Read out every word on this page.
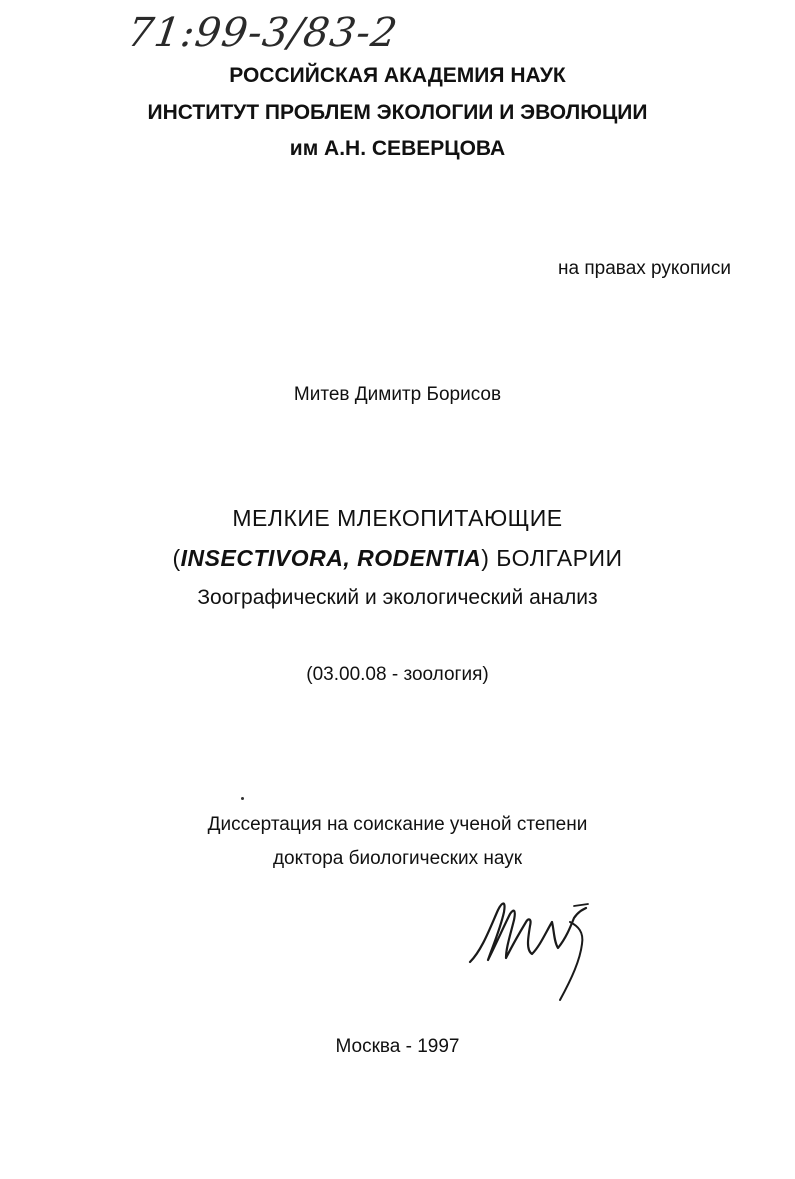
71:99-3/83-2
РОССИЙСКАЯ АКАДЕМИЯ НАУК
ИНСТИТУТ ПРОБЛЕМ ЭКОЛОГИИ И ЭВОЛЮЦИИ
им А.Н. СЕВЕРЦОВА
на правах рукописи
Митев Димитр Борисов
МЕЛКИЕ МЛЕКОПИТАЮЩИЕ
(INSECTIVORA, RODENTIA) БОЛГАРИИ
Зоографический и экологический анализ
(03.00.08 - зоология)
Диссертация на соискание ученой степени
доктора биологических наук
Москва - 1997
